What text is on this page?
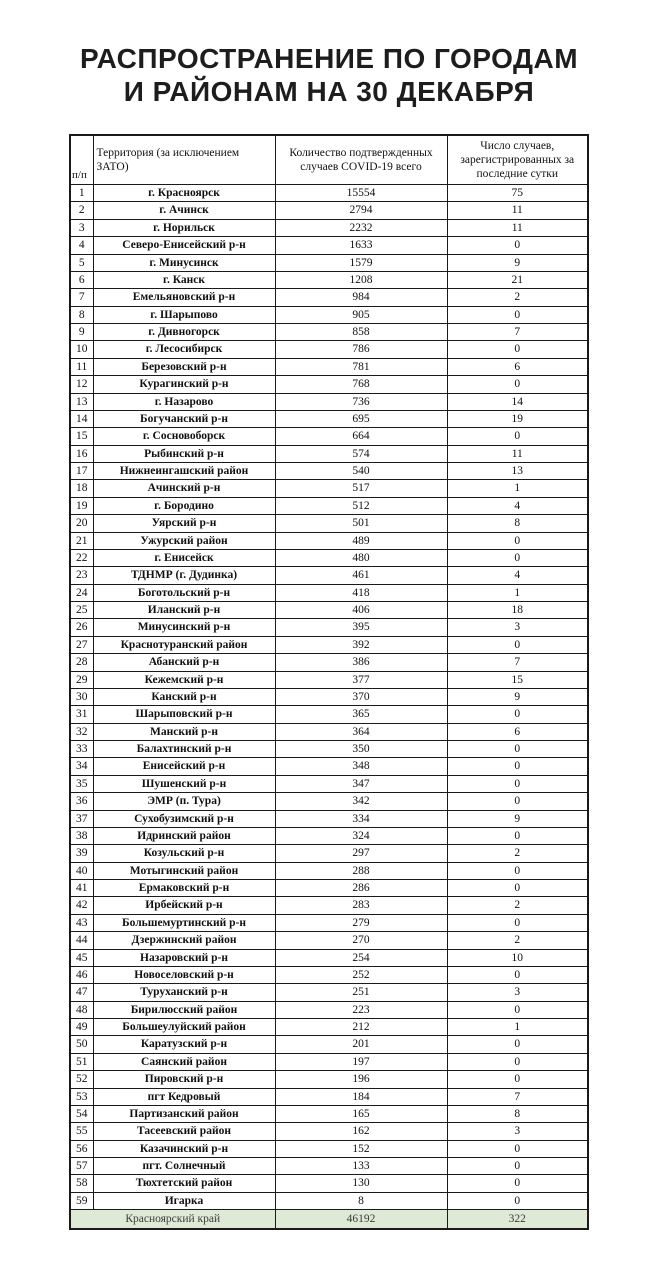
РАСПРОСТРАНЕНИЕ ПО ГОРОДАМ
И РАЙОНАМ НА 30 ДЕКАБРЯ
п/п	Территория (за исключением ЗАТО)	Количество подтвержденных случаев COVID-19 всего	Число случаев, зарегистрированных за последние сутки
1	г. Красноярск	15554	75
2	г. Ачинск	2794	11
3	г. Норильск	2232	11
4	Северо-Енисейский р-н	1633	0
5	г. Минусинск	1579	9
6	г. Канск	1208	21
7	Емельяновский р-н	984	2
8	г. Шарыпово	905	0
9	г. Дивногорск	858	7
10	г. Лесосибирск	786	0
11	Березовский р-н	781	6
12	Курагинский р-н	768	0
13	г. Назарово	736	14
14	Богучанский р-н	695	19
15	г. Сосновоборск	664	0
16	Рыбинский р-н	574	11
17	Нижнеингашский район	540	13
18	Ачинский р-н	517	1
19	г. Бородино	512	4
20	Уярский р-н	501	8
21	Ужурский район	489	0
22	г. Енисейск	480	0
23	ТДНМР (г. Дудинка)	461	4
24	Боготольский р-н	418	1
25	Иланский р-н	406	18
26	Минусинский р-н	395	3
27	Краснотуранский район	392	0
28	Абанский р-н	386	7
29	Кежемский р-н	377	15
30	Канский р-н	370	9
31	Шарыповский р-н	365	0
32	Манский р-н	364	6
33	Балахтинский р-н	350	0
34	Енисейский р-н	348	0
35	Шушенский р-н	347	0
36	ЭМР (п. Тура)	342	0
37	Сухобузимский р-н	334	9
38	Идринский район	324	0
39	Козульский р-н	297	2
40	Мотыгинский район	288	0
41	Ермаковский р-н	286	0
42	Ирбейский р-н	283	2
43	Большемуртинский р-н	279	0
44	Дзержинский район	270	2
45	Назаровский р-н	254	10
46	Новоселовский р-н	252	0
47	Туруханский р-н	251	3
48	Бирилюсский район	223	0
49	Большеулуйский район	212	1
50	Каратузский р-н	201	0
51	Саянский район	197	0
52	Пировский р-н	196	0
53	пгт Кедровый	184	7
54	Партизанский район	165	8
55	Тасеевский район	162	3
56	Казачинский р-н	152	0
57	пгт. Солнечный	133	0
58	Тюхтетский район	130	0
59	Игарка	8	0
Красноярский край		46192	322
